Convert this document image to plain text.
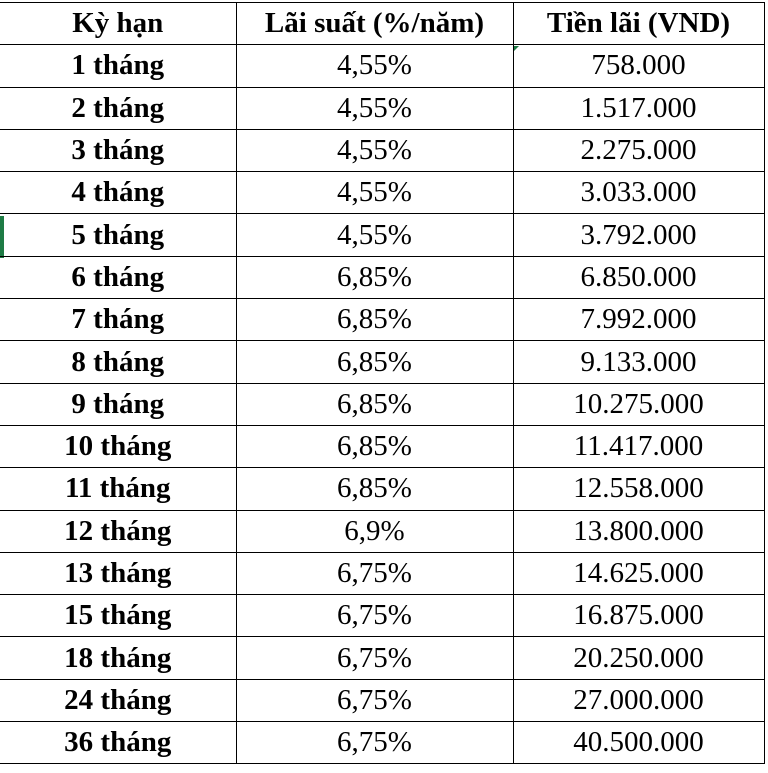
Kỳ hạn	Lãi suất (%/năm)	Tiền lãi (VND)
1 tháng	4,55%	758.000
2 tháng	4,55%	1.517.000
3 tháng	4,55%	2.275.000
4 tháng	4,55%	3.033.000
5 tháng	4,55%	3.792.000
6 tháng	6,85%	6.850.000
7 tháng	6,85%	7.992.000
8 tháng	6,85%	9.133.000
9 tháng	6,85%	10.275.000
10 tháng	6,85%	11.417.000
11 tháng	6,85%	12.558.000
12 tháng	6,9%	13.800.000
13 tháng	6,75%	14.625.000
15 tháng	6,75%	16.875.000
18 tháng	6,75%	20.250.000
24 tháng	6,75%	27.000.000
36 tháng	6,75%	40.500.000
